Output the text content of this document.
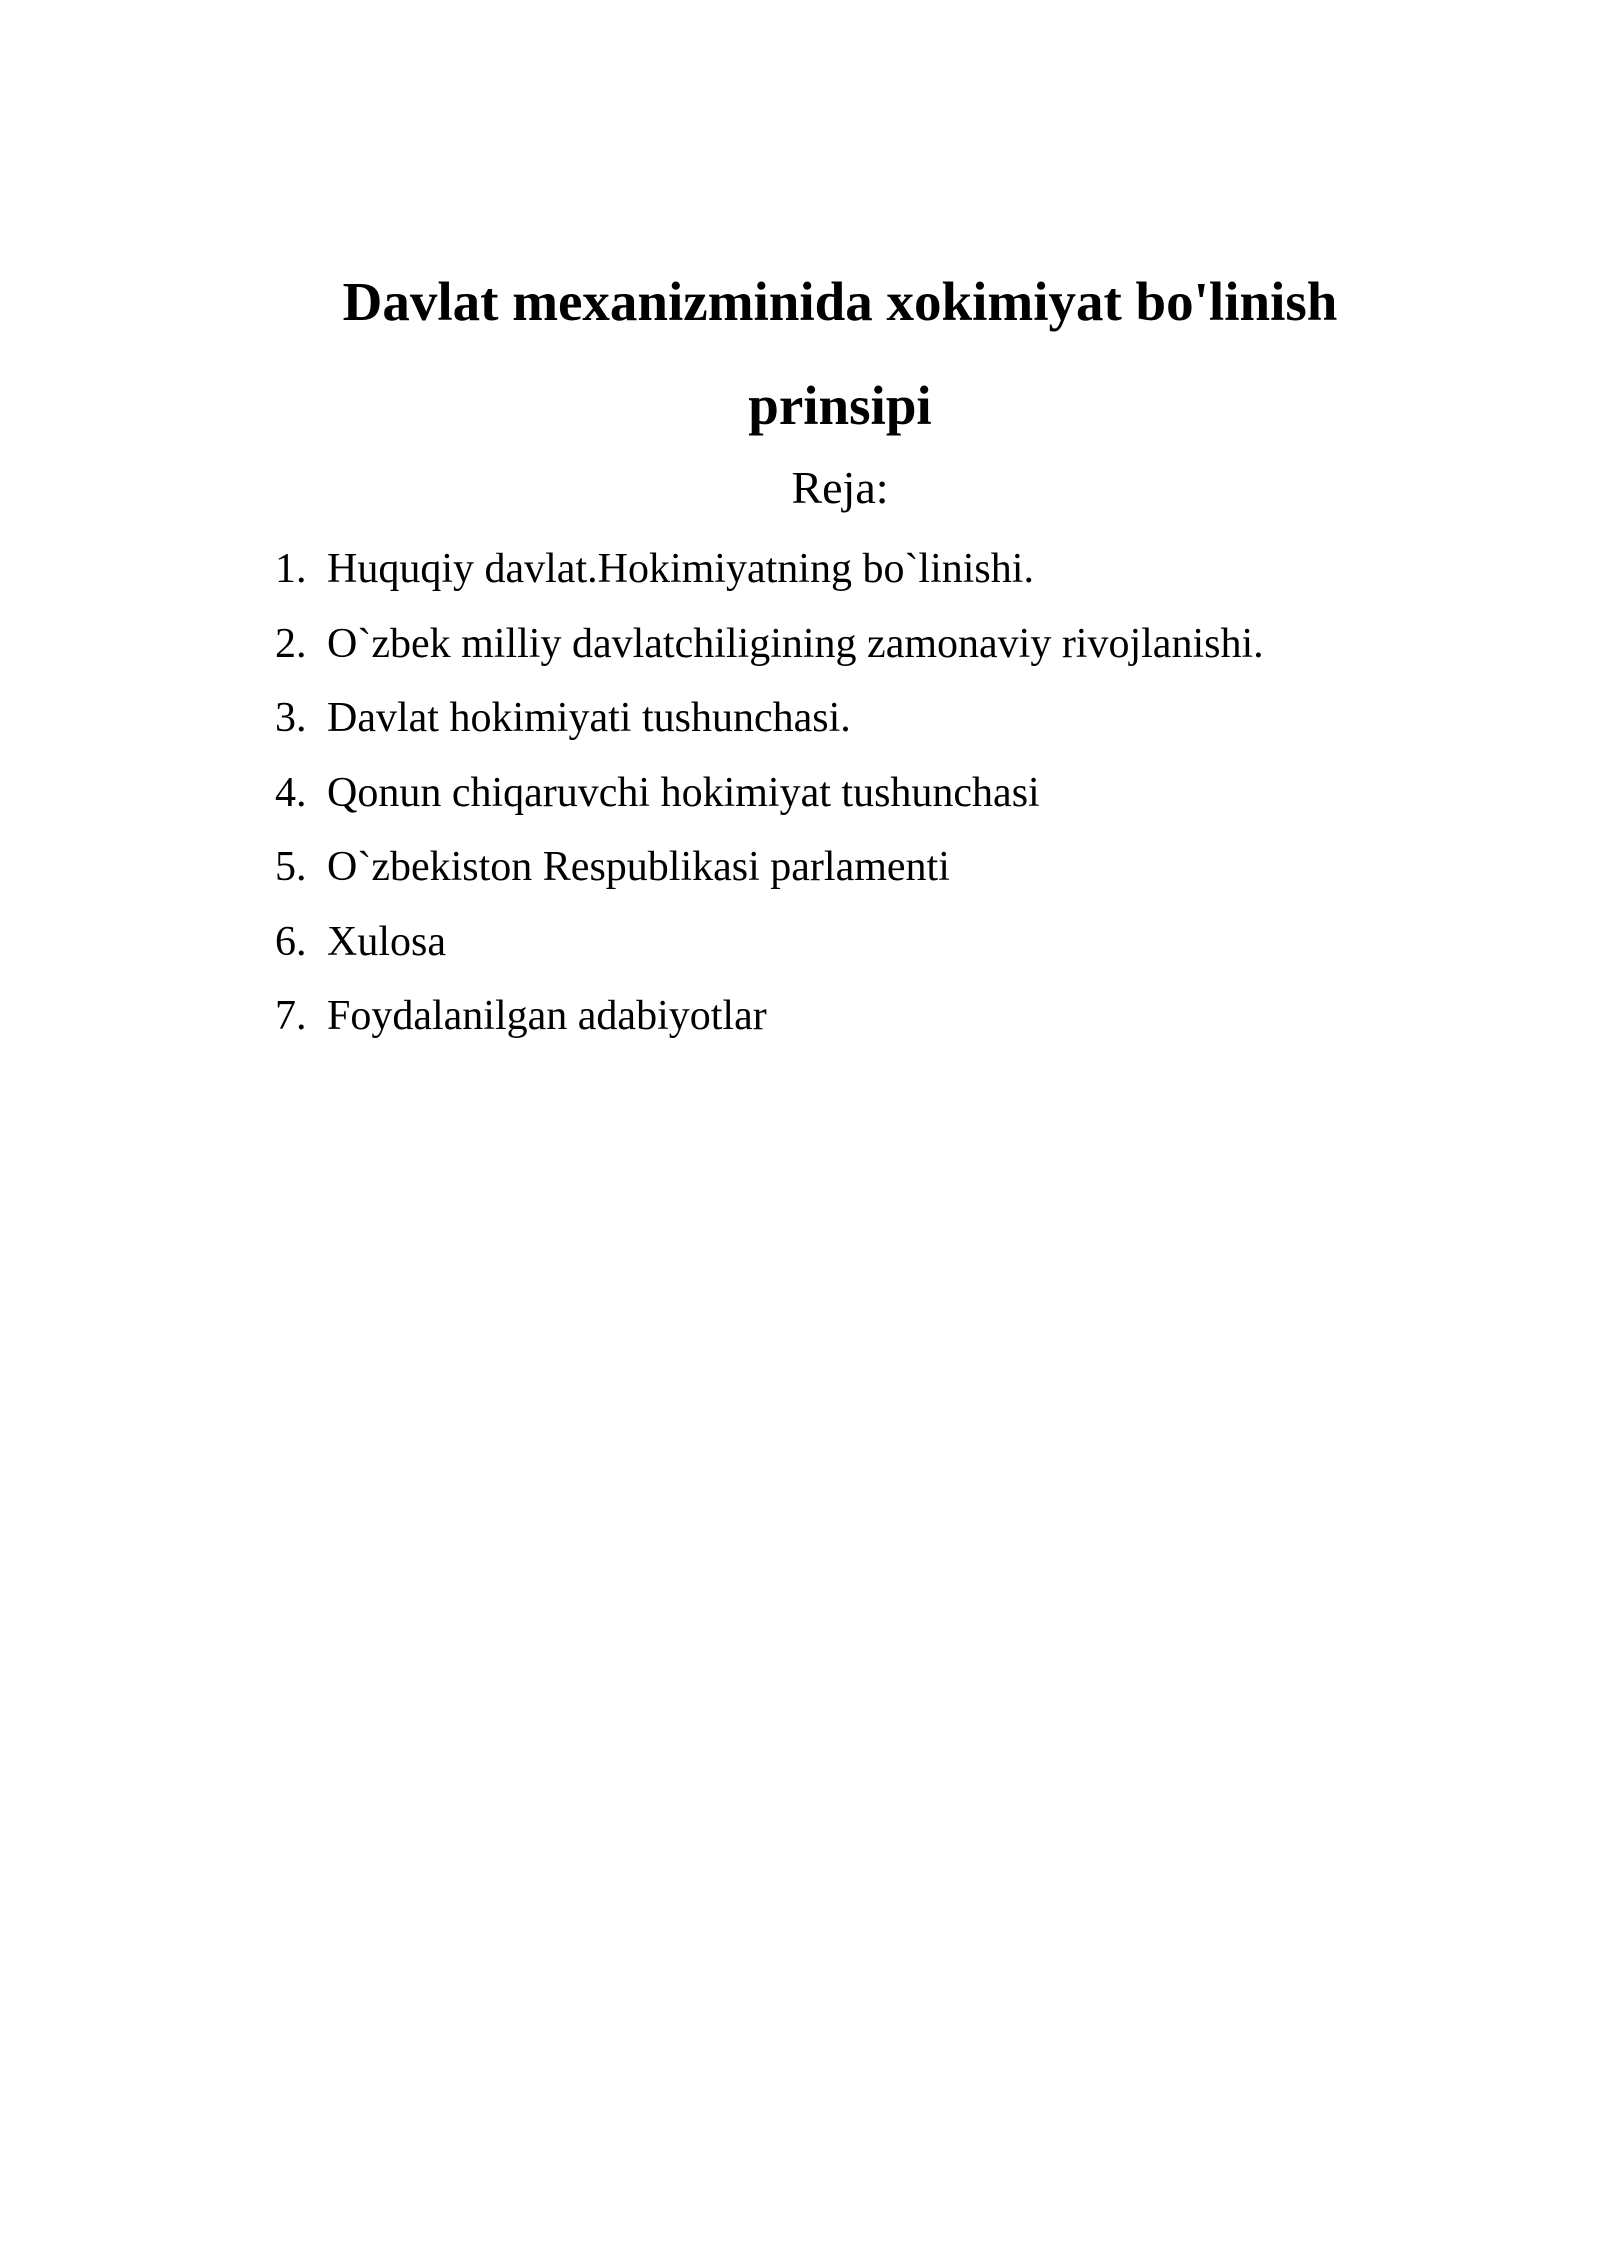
Davlat mexanizminida xokimiyat bo'linish
prinsipi

Reja:

1. Huquqiy davlat.Hokimiyatning bo`linishi.
2. O`zbek milliy davlatchiligining zamonaviy rivojlanishi.
3. Davlat hokimiyati tushunchasi.
4. Qonun chiqaruvchi hokimiyat tushunchasi
5. O`zbekiston Respublikasi parlamenti
6. Xulosa
7. Foydalanilgan adabiyotlar
